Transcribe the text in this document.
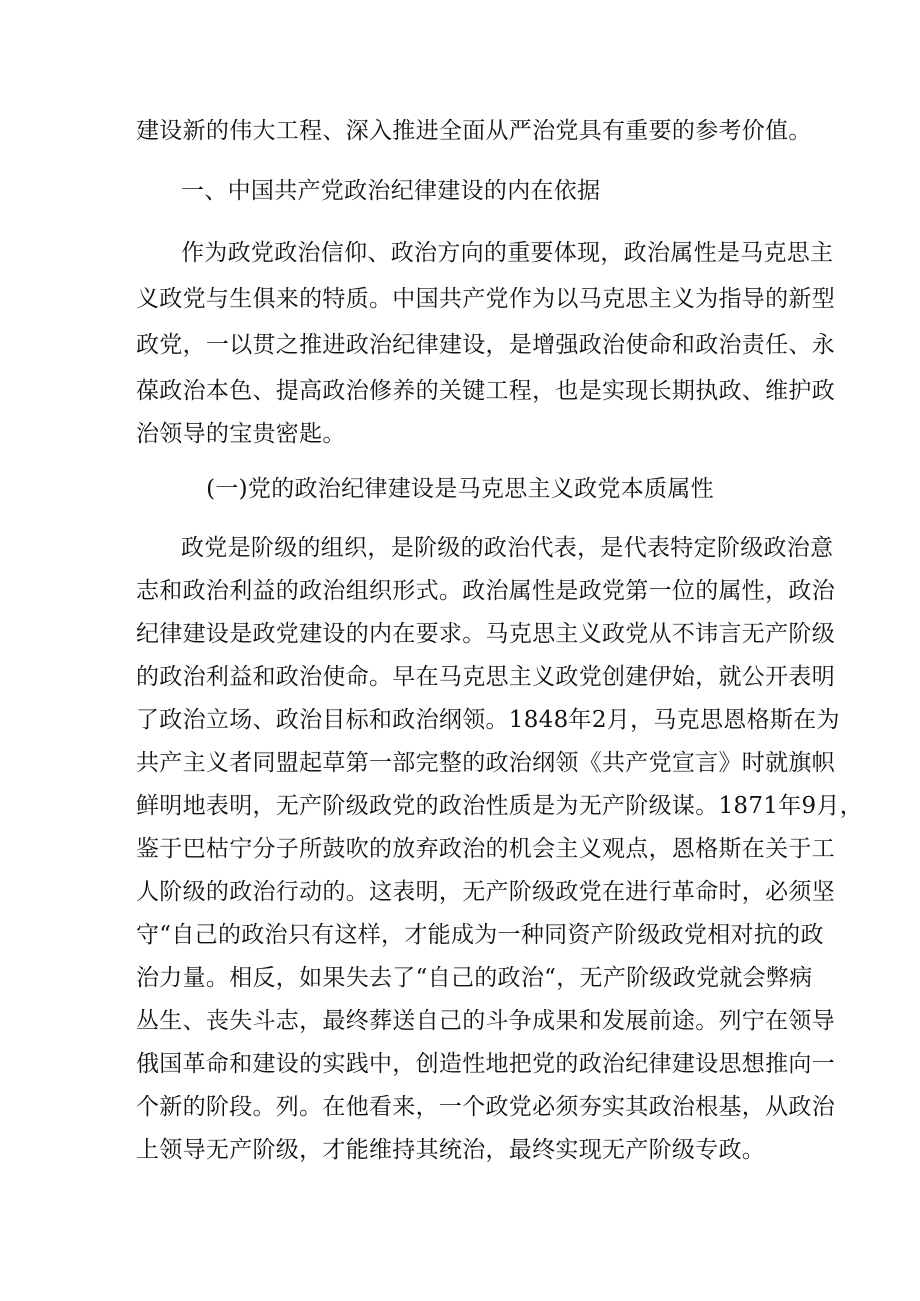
建设新的伟大工程、深入推进全面从严治党具有重要的参考价值。
一、中国共产党政治纪律建设的内在依据
作为政党政治信仰、政治方向的重要体现，政治属性是马克思主
义政党与生俱来的特质。中国共产党作为以马克思主义为指导的新型
政党，一以贯之推进政治纪律建设，是增强政治使命和政治责任、永
葆政治本色、提高政治修养的关键工程，也是实现长期执政、维护政
治领导的宝贵密匙。
(一)党的政治纪律建设是马克思主义政党本质属性
政党是阶级的组织，是阶级的政治代表，是代表特定阶级政治意
志和政治利益的政治组织形式。政治属性是政党第一位的属性，政治
纪律建设是政党建设的内在要求。马克思主义政党从不讳言无产阶级
的政治利益和政治使命。早在马克思主义政党创建伊始，就公开表明
了政治立场、政治目标和政治纲领。1848年2月，马克思恩格斯在为
共产主义者同盟起草第一部完整的政治纲领《共产党宣言》时就旗帜
鲜明地表明，无产阶级政党的政治性质是为无产阶级谋。1871年9月，
鉴于巴枯宁分子所鼓吹的放弃政治的机会主义观点，恩格斯在关于工
人阶级的政治行动的。这表明，无产阶级政党在进行革命时，必须坚
守“自己的政治只有这样，才能成为一种同资产阶级政党相对抗的政
治力量。相反，如果失去了“自己的政治“，无产阶级政党就会弊病
丛生、丧失斗志，最终葬送自己的斗争成果和发展前途。列宁在领导
俄国革命和建设的实践中，创造性地把党的政治纪律建设思想推向一
个新的阶段。列。在他看来，一个政党必须夯实其政治根基，从政治
上领导无产阶级，才能维持其统治，最终实现无产阶级专政。
